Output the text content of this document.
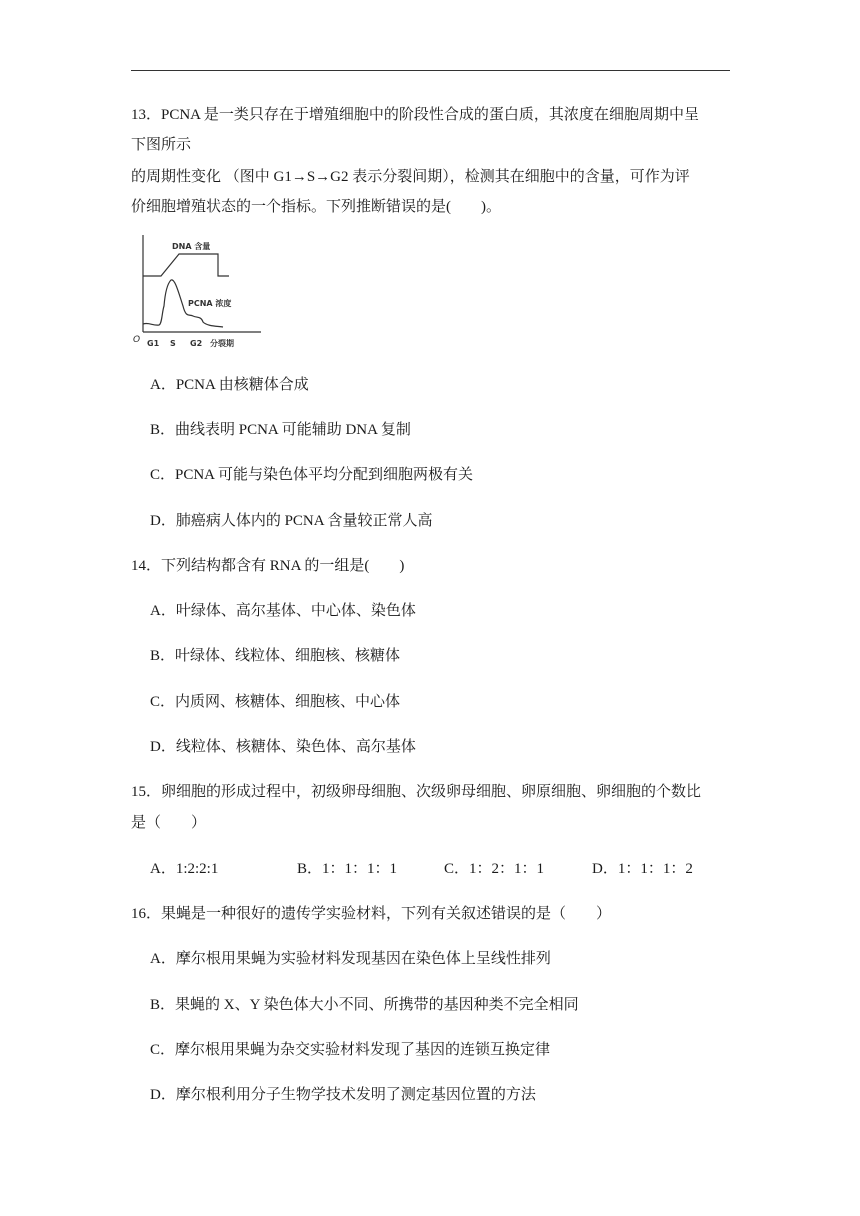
13．PCNA 是一类只存在于增殖细胞中的阶段性合成的蛋白质，其浓度在细胞周期中呈
下图所示
的周期性变化 （图中 G1→S→G2 表示分裂间期），检测其在细胞中的含量，可作为评
价细胞增殖状态的一个指标。下列推断错误的是(　　)。
DNA 含量
PCNA 浓度
O G1 S G2 分裂期
A．PCNA 由核糖体合成
B．曲线表明 PCNA 可能辅助 DNA 复制
C．PCNA 可能与染色体平均分配到细胞两极有关
D．肺癌病人体内的 PCNA 含量较正常人高
14．下列结构都含有 RNA 的一组是(　　)
A．叶绿体、高尔基体、中心体、染色体
B．叶绿体、线粒体、细胞核、核糖体
C．内质网、核糖体、细胞核、中心体
D．线粒体、核糖体、染色体、高尔基体
15．卵细胞的形成过程中，初级卵母细胞、次级卵母细胞、卵原细胞、卵细胞的个数比
是（　　）
A．1:2:2:1	B．1：1：1：1	C．1：2：1：1	D．1：1：1：2
16．果蝇是一种很好的遗传学实验材料，下列有关叙述错误的是（　　）
A．摩尔根用果蝇为实验材料发现基因在染色体上呈线性排列
B．果蝇的 X、Y 染色体大小不同、所携带的基因种类不完全相同
C．摩尔根用果蝇为杂交实验材料发现了基因的连锁互换定律
D．摩尔根利用分子生物学技术发明了测定基因位置的方法
